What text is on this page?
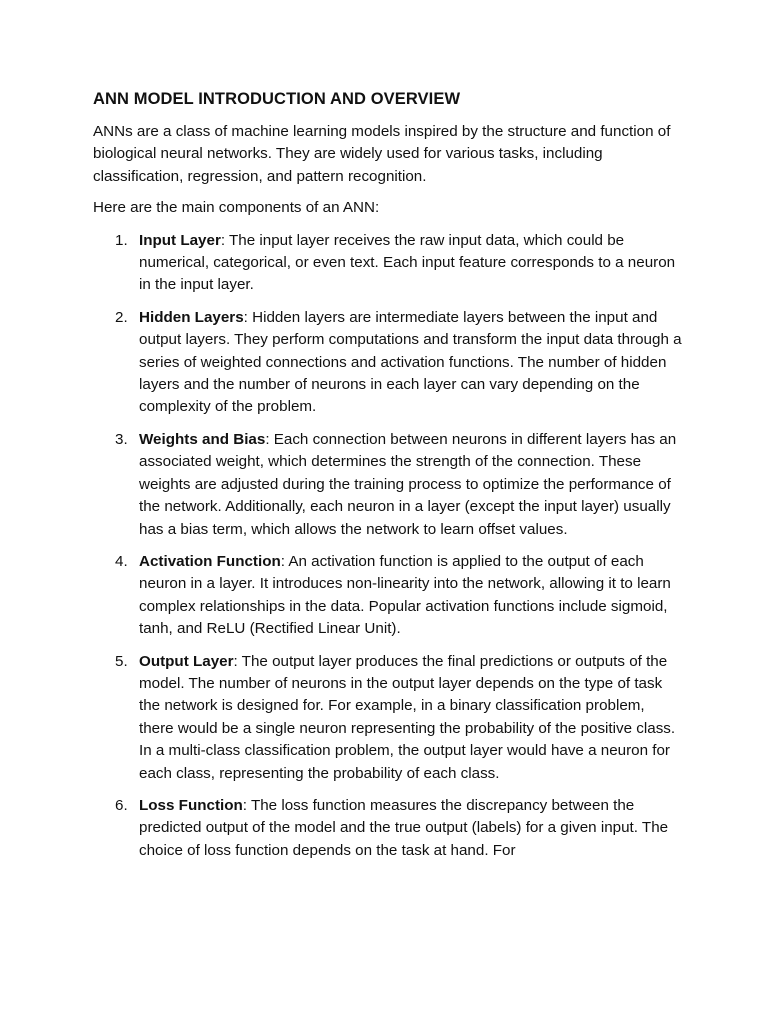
ANN MODEL INTRODUCTION AND OVERVIEW

ANNs are a class of machine learning models inspired by the structure and function of biological neural networks. They are widely used for various tasks, including classification, regression, and pattern recognition.

Here are the main components of an ANN:

1. Input Layer: The input layer receives the raw input data, which could be numerical, categorical, or even text. Each input feature corresponds to a neuron in the input layer.
2. Hidden Layers: Hidden layers are intermediate layers between the input and output layers. They perform computations and transform the input data through a series of weighted connections and activation functions. The number of hidden layers and the number of neurons in each layer can vary depending on the complexity of the problem.
3. Weights and Bias: Each connection between neurons in different layers has an associated weight, which determines the strength of the connection. These weights are adjusted during the training process to optimize the performance of the network. Additionally, each neuron in a layer (except the input layer) usually has a bias term, which allows the network to learn offset values.
4. Activation Function: An activation function is applied to the output of each neuron in a layer. It introduces non-linearity into the network, allowing it to learn complex relationships in the data. Popular activation functions include sigmoid, tanh, and ReLU (Rectified Linear Unit).
5. Output Layer: The output layer produces the final predictions or outputs of the model. The number of neurons in the output layer depends on the type of task the network is designed for. For example, in a binary classification problem, there would be a single neuron representing the probability of the positive class. In a multi-class classification problem, the output layer would have a neuron for each class, representing the probability of each class.
6. Loss Function: The loss function measures the discrepancy between the predicted output of the model and the true output (labels) for a given input. The choice of loss function depends on the task at hand. For
